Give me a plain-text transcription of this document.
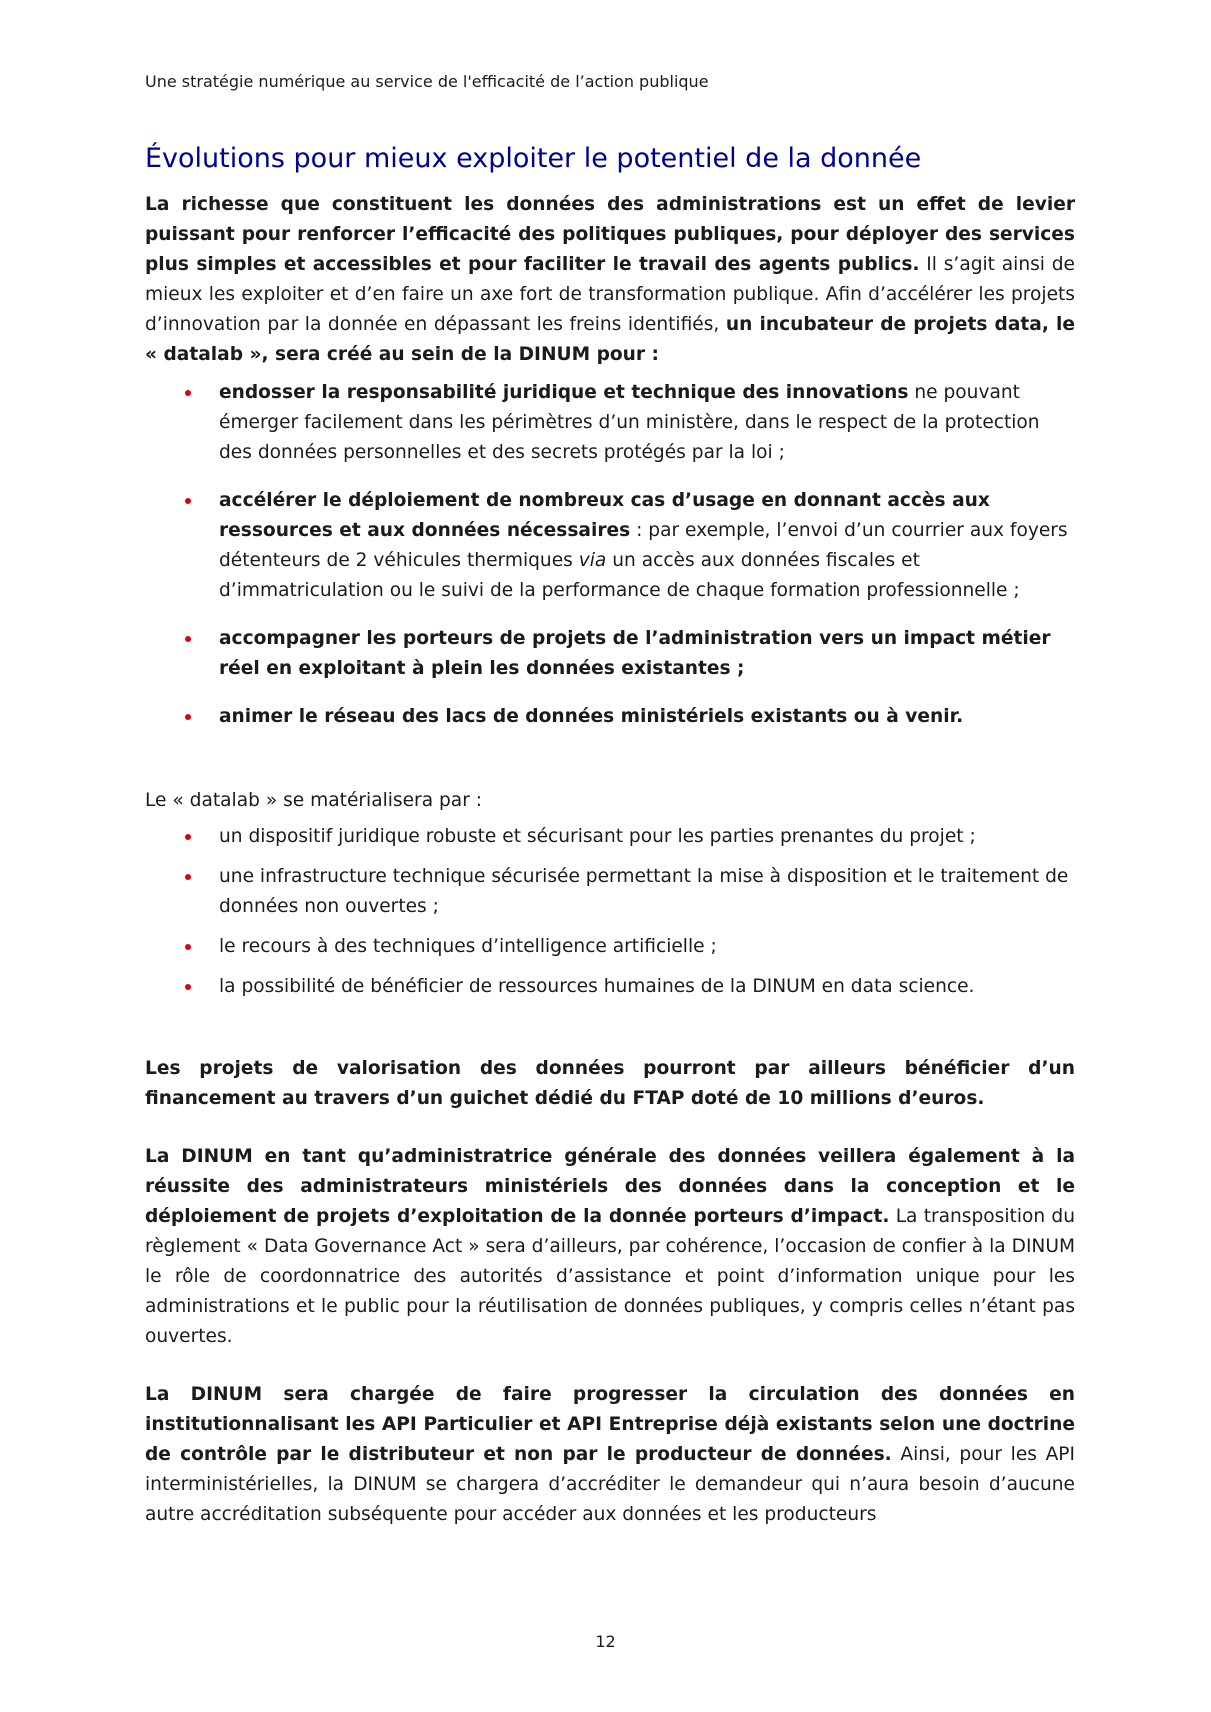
Une stratégie numérique au service de l'efficacité de l’action publique
Évolutions pour mieux exploiter le potentiel de la donnée

La richesse que constituent les données des administrations est un effet de levier puissant pour renforcer l’efficacité des politiques publiques, pour déployer des services plus simples et accessibles et pour faciliter le travail des agents publics. Il s’agit ainsi de mieux les exploiter et d’en faire un axe fort de transformation publique. Afin d’accélérer les projets d’innovation par la donnée en dépassant les freins identifiés, un incubateur de projets data, le « datalab », sera créé au sein de la DINUM pour :

endosser la responsabilité juridique et technique des innovations ne pouvant émerger facilement dans les périmètres d’un ministère, dans le respect de la protection des données personnelles et des secrets protégés par la loi ;
accélérer le déploiement de nombreux cas d’usage en donnant accès aux ressources et aux données nécessaires : par exemple, l’envoi d’un courrier aux foyers détenteurs de 2 véhicules thermiques via un accès aux données fiscales et d’immatriculation ou le suivi de la performance de chaque formation professionnelle ;
accompagner les porteurs de projets de l’administration vers un impact métier réel en exploitant à plein les données existantes ;
animer le réseau des lacs de données ministériels existants ou à venir.

Le « datalab » se matérialisera par :

un dispositif juridique robuste et sécurisant pour les parties prenantes du projet ;
une infrastructure technique sécurisée permettant la mise à disposition et le traitement de données non ouvertes ;
le recours à des techniques d’intelligence artificielle ;
la possibilité de bénéficier de ressources humaines de la DINUM en data science.

Les projets de valorisation des données pourront par ailleurs bénéficier d’un financement au travers d’un guichet dédié du FTAP doté de 10 millions d’euros.

La DINUM en tant qu’administratrice générale des données veillera également à la réussite des administrateurs ministériels des données dans la conception et le déploiement de projets d’exploitation de la donnée porteurs d’impact. La transposition du règlement « Data Governance Act » sera d’ailleurs, par cohérence, l’occasion de confier à la DINUM le rôle de coordonnatrice des autorités d’assistance et point d’information unique pour les administrations et le public pour la réutilisation de données publiques, y compris celles n’étant pas ouvertes.

La DINUM sera chargée de faire progresser la circulation des données en institutionnalisant les API Particulier et API Entreprise déjà existants selon une doctrine de contrôle par le distributeur et non par le producteur de données. Ainsi, pour les API interministérielles, la DINUM se chargera d’accréditer le demandeur qui n’aura besoin d’aucune autre accréditation subséquente pour accéder aux données et les producteurs

12
